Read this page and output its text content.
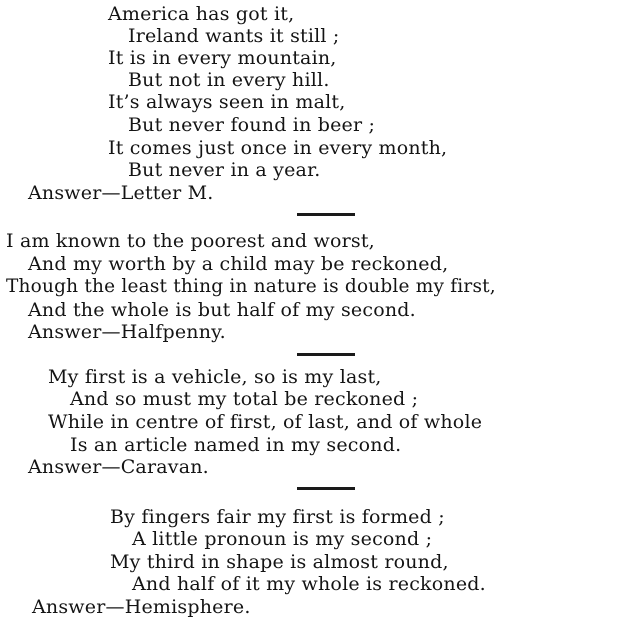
America has got it,
Ireland wants it still ;
It is in every mountain,
But not in every hill.
It’s always seen in malt,
But never found in beer ;
It comes just once in every month,
But never in a year.
Answer—Letter M.
I am known to the poorest and worst,
And my worth by a child may be reckoned,
Though the least thing in nature is double my first,
And the whole is but half of my second.
Answer—Halfpenny.
My first is a vehicle, so is my last,
And so must my total be reckoned ;
While in centre of first, of last, and of whole
Is an article named in my second.
Answer—Caravan.
By fingers fair my first is formed ;
A little pronoun is my second ;
My third in shape is almost round,
And half of it my whole is reckoned.
Answer—Hemisphere.
